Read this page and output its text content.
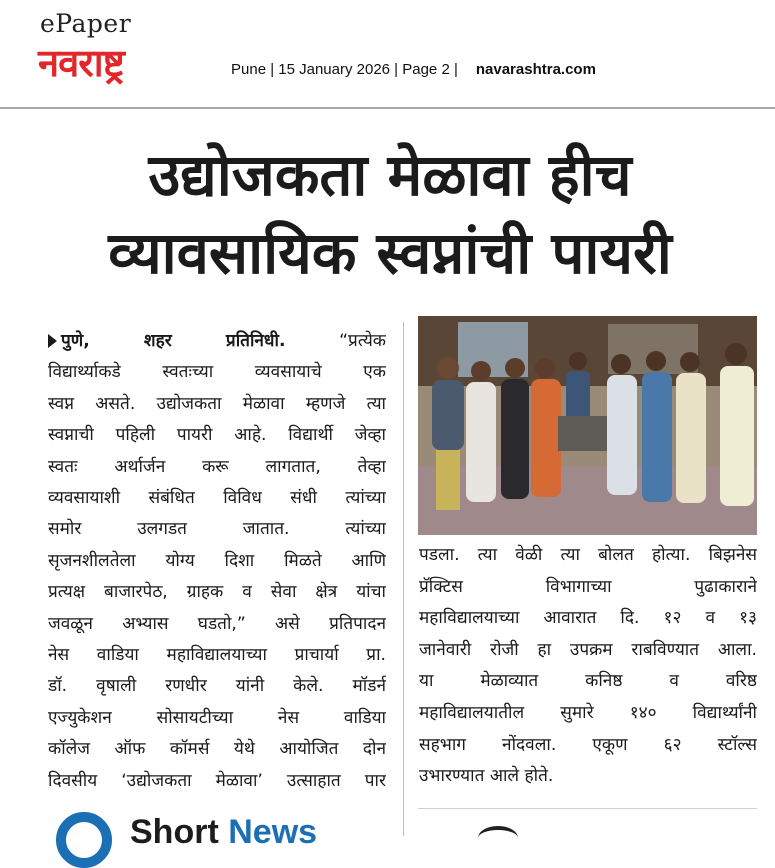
ePaper
नवराष्ट्र	Pune | 15 January 2026 | Page 2 | navarashtra.com
उद्योजकता मेळावा हीच
व्यावसायिक स्वप्नांची पायरी
पुणे, शहर प्रतिनिधी.	“प्रत्येक
विद्यार्थ्याकडे स्वतःच्या व्यवसायाचे एक
स्वप्न असते. उद्योजकता मेळावा म्हणजे त्या
स्वप्नाची पहिली पायरी आहे. विद्यार्थी जेव्हा
स्वतः अर्थार्जन करू लागतात, तेव्हा
व्यवसायाशी संबंधित विविध संधी त्यांच्या
समोर उलगडत जातात. त्यांच्या
सृजनशीलतेला योग्य दिशा मिळते आणि
प्रत्यक्ष बाजारपेठ, ग्राहक व सेवा क्षेत्र यांचा
जवळून अभ्यास घडतो,” असे प्रतिपादन
नेस वाडिया महाविद्यालयाच्या प्राचार्या प्रा.
डॉ. वृषाली रणधीर यांनी केले. मॉडर्न
एज्युकेशन सोसायटीच्या नेस वाडिया
कॉलेज ऑफ कॉमर्स येथे आयोजित दोन
दिवसीय ‘उद्योजकता मेळावा’ उत्साहात पार
पडला. त्या वेळी त्या बोलत होत्या. बिझनेस
प्रॅक्टिस विभागाच्या पुढाकाराने
महाविद्यालयाच्या आवारात दि. १२ व १३
जानेवारी रोजी हा उपक्रम राबविण्यात आला.
या मेळाव्यात कनिष्ठ व वरिष्ठ
महाविद्यालयातील सुमारे १४० विद्यार्थ्यांनी
सहभाग नोंदवला. एकूण ६२ स्टॉल्स
उभारण्यात आले होते.
Short News
